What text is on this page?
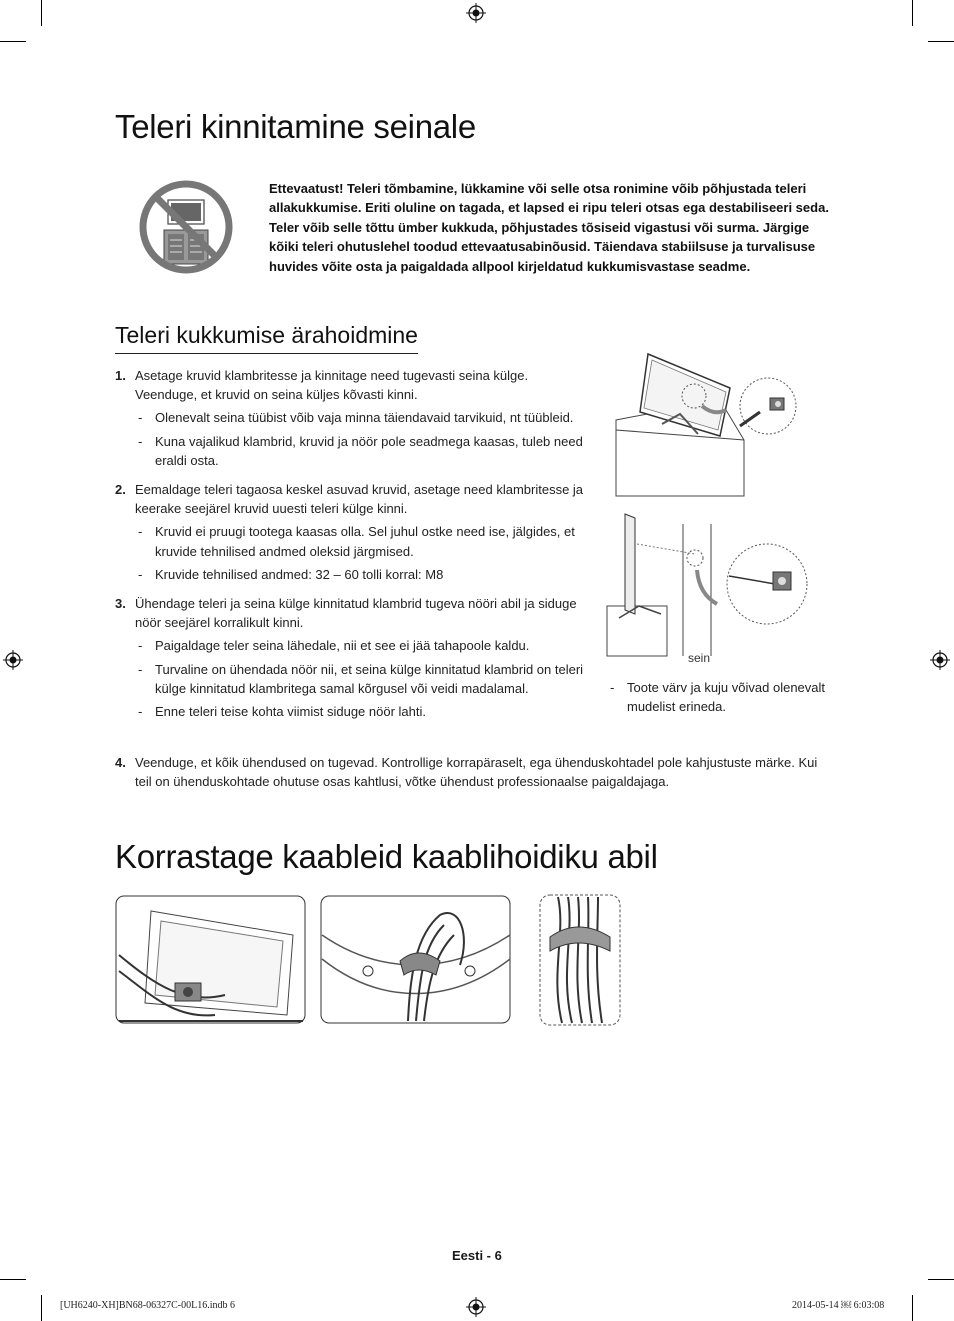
Teleri kinnitamine seinale
Ettevaatust! Teleri tõmbamine, lükkamine või selle otsa ronimine võib põhjustada teleri allakukkumise. Eriti oluline on tagada, et lapsed ei ripu teleri otsas ega destabiliseeri seda. Teler võib selle tõttu ümber kukkuda, põhjustades tõsiseid vigastusi või surma. Järgige kõiki teleri ohutuslehel toodud ettevaatusabinõusid. Täiendava stabiilsuse ja turvalisuse huvides võite osta ja paigaldada allpool kirjeldatud kukkumisvastase seadme.
Teleri kukkumise ärahoidmine
1. Asetage kruvid klambritesse ja kinnitage need tugevasti seina külge. Veenduge, et kruvid on seina küljes kõvasti kinni.
- Olenevalt seina tüübist võib vaja minna täiendavaid tarvikuid, nt tüübleid.
- Kuna vajalikud klambrid, kruvid ja nöör pole seadmega kaasas, tuleb need eraldi osta.
2. Eemaldage teleri tagaosa keskel asuvad kruvid, asetage need klambritesse ja keerake seejärel kruvid uuesti teleri külge kinni.
- Kruvid ei pruugi tootega kaasas olla. Sel juhul ostke need ise, jälgides, et kruvide tehnilised andmed oleksid järgmised.
- Kruvide tehnilised andmed: 32 – 60 tolli korral: M8
3. Ühendage teleri ja seina külge kinnitatud klambrid tugeva nööri abil ja siduge nöör seejärel korralikult kinni.
- Paigaldage teler seina lähedale, nii et see ei jää tahapoole kaldu.
- Turvaline on ühendada nöör nii, et seina külge kinnitatud klambrid on teleri külge kinnitatud klambritega samal kõrgusel või veidi madalamal.
- Enne teleri teise kohta viimist siduge nöör lahti.
4. Veenduge, et kõik ühendused on tugevad. Kontrollige korrapäraselt, ega ühenduskohtadel pole kahjustuste märke. Kui teil on ühenduskohtade ohutuse osas kahtlusi, võtke ühendust professionaalse paigaldajaga.
sein
- Toote värv ja kuju võivad olenevalt mudelist erineda.
Korrastage kaableid kaablihoidiku abil
Eesti - 6
[UH6240-XH]BN68-06327C-00L16.indb 6	2014-05-14 ￼ 6:03:08
